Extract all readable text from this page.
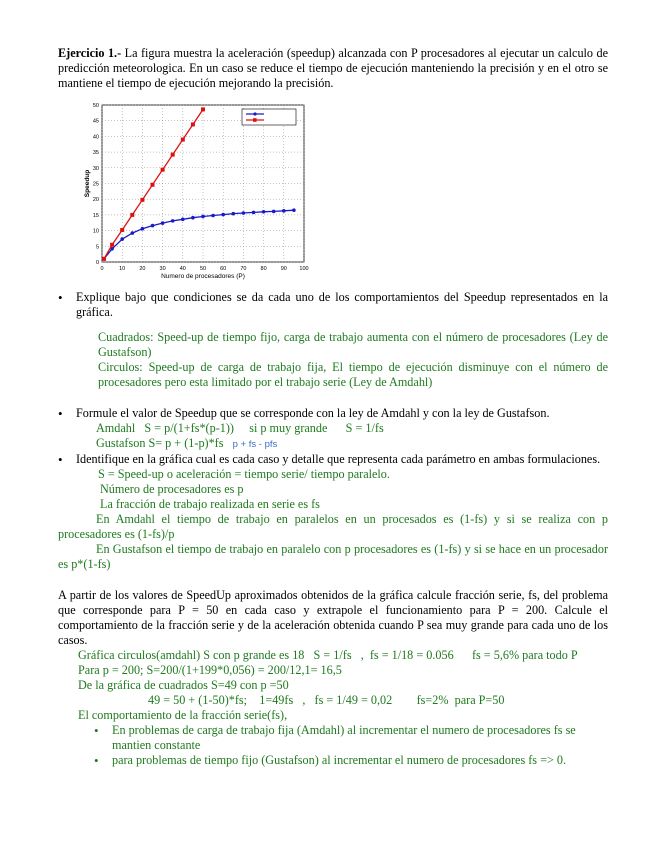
Ejercicio 1.- La figura muestra la aceleración (speedup) alcanzada con P procesadores al ejecutar un calculo de predicción meteorologica. En un caso se reduce el tiempo de ejecución manteniendo la precisión y en el otro se mantiene el tiempo de ejecución mejorando la precisión.

0	10	20	30	40	50	60	70	80	90 100
0
5
10
15
20
25
30
35
40
45
50
Numero de procesadores (P)
Speedup
•	Explique bajo que condiciones se da cada uno de los comportamientos del Speedup representados en la gráfica.

Cuadrados: Speed-up de tiempo fijo, carga de trabajo aumenta con el número de procesadores (Ley de Gustafson)

Circulos: Speed-up de carga de trabajo fija, El tiempo de ejecución disminuye con el número de procesadores pero esta limitado por el trabajo serie (Ley de Amdahl)

•	Formule el valor de Speedup que se corresponde con la ley de Amdahl y con la ley de Gustafson.

Amdahl   S = p/(1+fs*(p-1))     si p muy grande      S = 1/fs

Gustafson S= p + (1-p)*fs p + fs - pfs

•	Identifique en la gráfica cual es cada caso y detalle que representa cada parámetro en ambas formulaciones.

S = Speed-up o aceleración = tiempo serie/ tiempo paralelo.

Número de procesadores es p

La fracción de trabajo realizada en serie es fs

En Amdahl el tiempo de trabajo en paralelos en un procesados es (1-fs) y si se realiza con p procesadores es (1-fs)/p

En Gustafson el tiempo de trabajo en paralelo con p procesadores es (1-fs) y si se hace en un procesador es p*(1-fs)

A partir de los valores de SpeedUp aproximados obtenidos de la gráfica calcule fracción serie, fs, del problema que corresponde para P = 50 en cada caso y extrapole el funcionamiento para P = 200. Calcule el comportamiento de la fracción serie y de la aceleración obtenida cuando P sea muy grande para cada uno de los casos.

Gráfica circulos(amdahl) S con p grande es 18   S = 1/fs   ,  fs = 1/18 = 0.056      fs = 5,6% para todo P

Para p = 200; S=200/(1+199*0,056) = 200/12,1= 16,5

De la gráfica de cuadrados S=49 con p =50

49 = 50 + (1-50)*fs;    1=49fs   ,   fs = 1/49 = 0,02        fs=2%  para P=50

El comportamiento de la fracción serie(fs),

•	En problemas de carga de trabajo fija (Amdahl) al incrementar el numero de procesadores fs se mantien constante
•	para problemas de tiempo fijo (Gustafson) al incrementar el numero de procesadores fs => 0.
